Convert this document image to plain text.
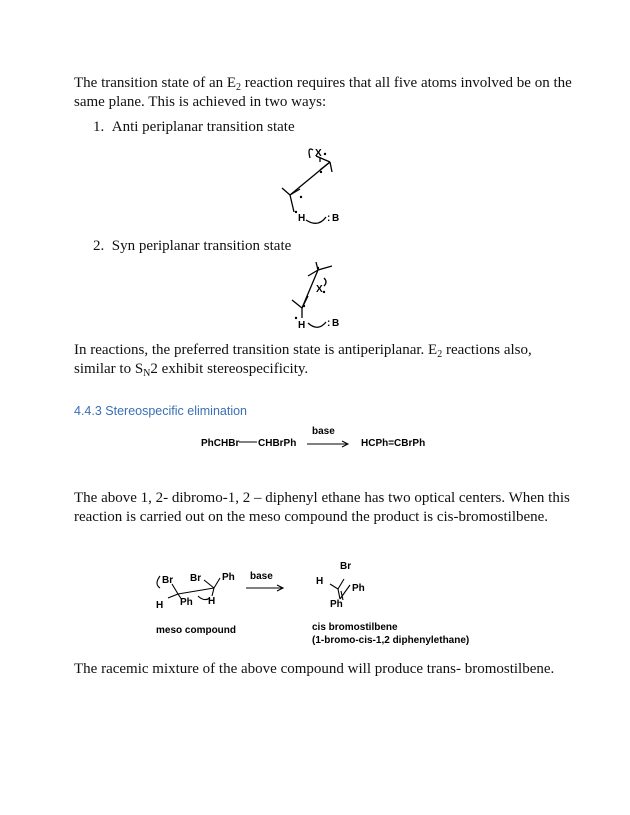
The transition state of an $E_2$ reaction requires that all five atoms involved be on the
same plane. This is achieved in two ways:
1. Anti periplanar transition state
X
H : B
2. Syn periplanar transition state
X
H : B
In reactions, the preferred transition state is antiperiplanar. $E_2$ reactions also,
similar to $S_N2$ exhibit stereospecificity.
4.4.3 Stereospecific elimination
PhCHBr CHBrPh
base
HCPh=CBrPh
The above 1, 2- dibromo-1, 2 – diphenyl ethane has two optical centers. When this
reaction is carried out on the meso compound the product is cis-bromostilbene.
Br Br Ph
Ph
H	H
base
Br
H
Ph
Ph
meso compound	cis bromostilbene
(1-bromo-cis-1,2 diphenylethane)
The racemic mixture of the above compound will produce trans- bromostilbene.
